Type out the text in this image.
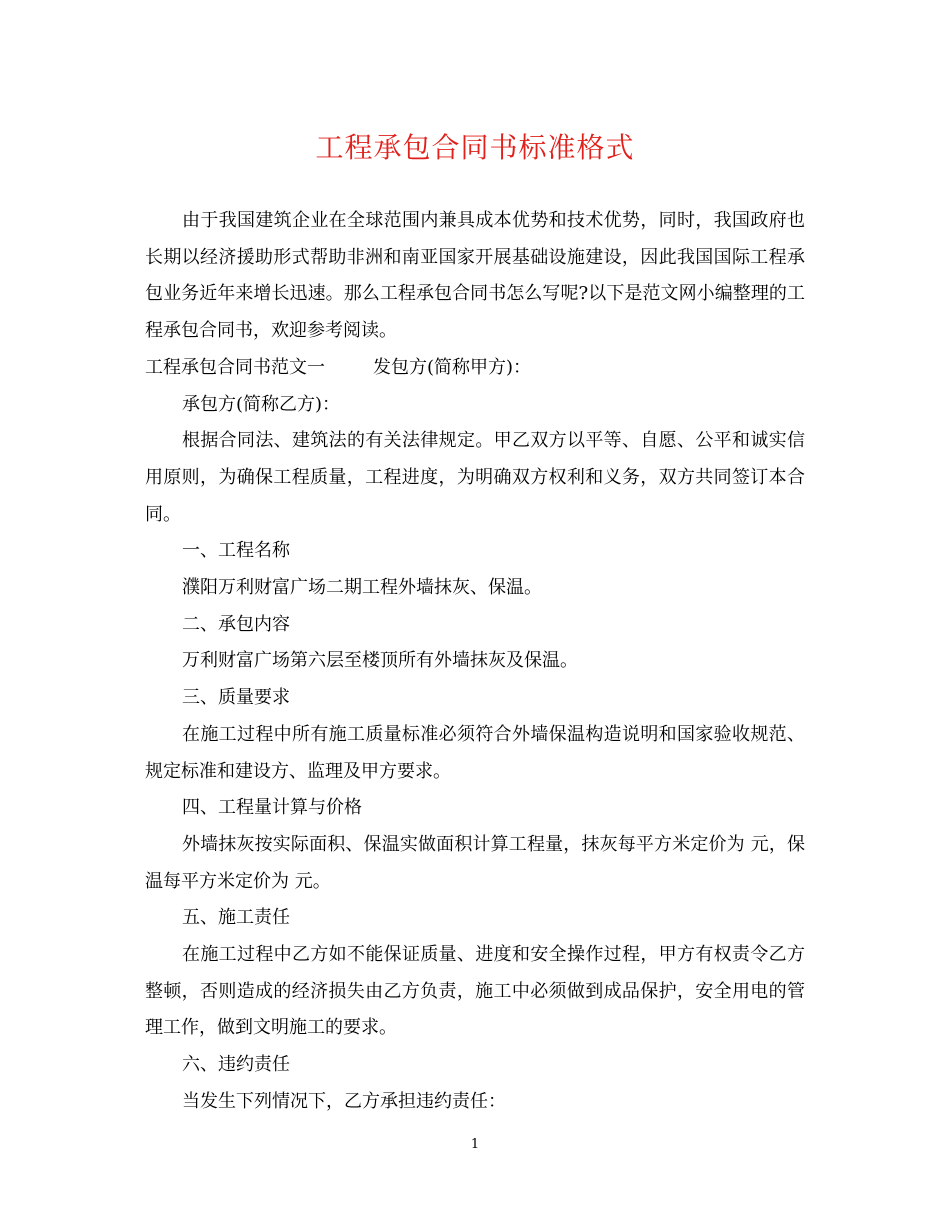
工程承包合同书标准格式

由于我国建筑企业在全球范围内兼具成本优势和技术优势，同时，我国政府也长期以经济援助形式帮助非洲和南亚国家开展基础设施建设，因此我国国际工程承包业务近年来增长迅速。那么工程承包合同书怎么写呢?以下是范文网小编整理的工程承包合同书，欢迎参考阅读。

工程承包合同书范文一	发包方(简称甲方)：

承包方(简称乙方)：

根据合同法、建筑法的有关法律规定。甲乙双方以平等、自愿、公平和诚实信用原则，为确保工程质量，工程进度，为明确双方权利和义务，双方共同签订本合同。

一、工程名称

濮阳万利财富广场二期工程外墙抹灰、保温。

二、承包内容

万利财富广场第六层至楼顶所有外墙抹灰及保温。

三、质量要求

在施工过程中所有施工质量标准必须符合外墙保温构造说明和国家验收规范、规定标准和建设方、监理及甲方要求。

四、工程量计算与价格

外墙抹灰按实际面积、保温实做面积计算工程量，抹灰每平方米定价为 元，保温每平方米定价为 元。

五、施工责任

在施工过程中乙方如不能保证质量、进度和安全操作过程，甲方有权责令乙方整顿，否则造成的经济损失由乙方负责，施工中必须做到成品保护，安全用电的管理工作，做到文明施工的要求。

六、违约责任

当发生下列情况下，乙方承担违约责任：

1
